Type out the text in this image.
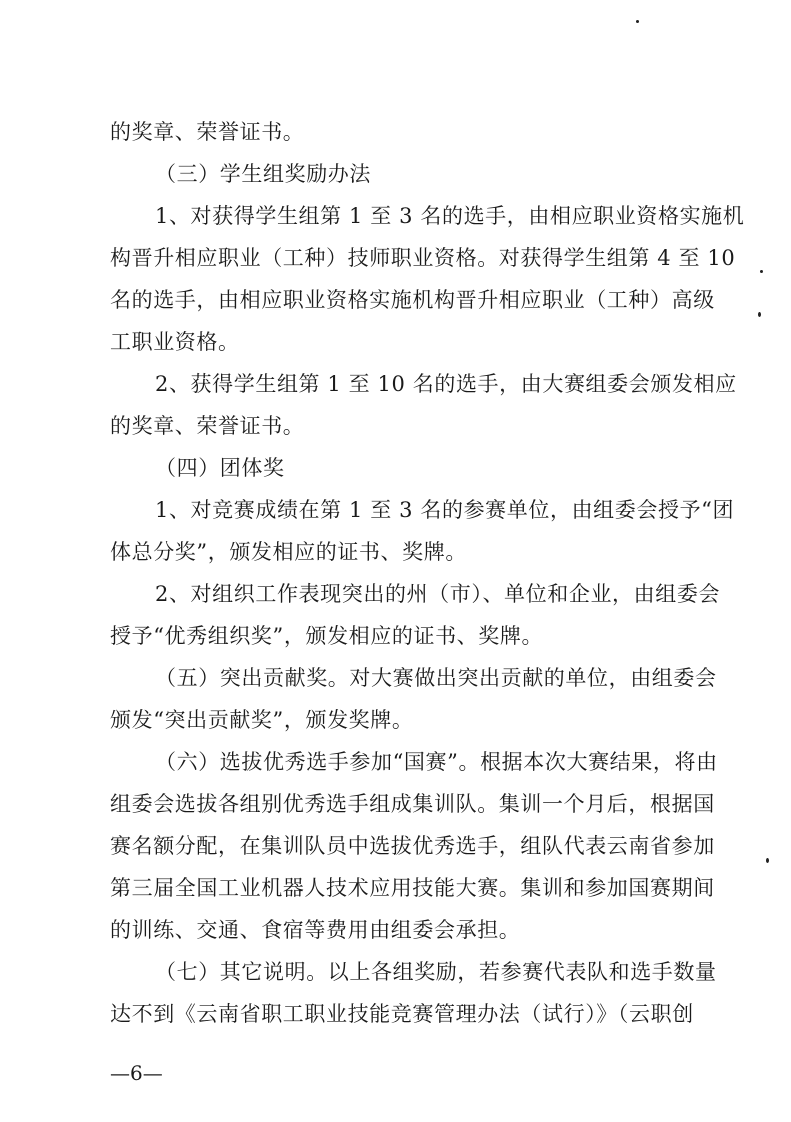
的奖章、荣誉证书。
（三）学生组奖励办法
1、对获得学生组第 1 至 3 名的选手，由相应职业资格实施机
构晋升相应职业（工种）技师职业资格。对获得学生组第 4 至 10
名的选手，由相应职业资格实施机构晋升相应职业（工种）高级
工职业资格。
2、获得学生组第 1 至 10 名的选手，由大赛组委会颁发相应
的奖章、荣誉证书。
（四）团体奖
1、对竞赛成绩在第 1 至 3 名的参赛单位，由组委会授予“团
体总分奖”，颁发相应的证书、奖牌。
2、对组织工作表现突出的州（市）、单位和企业，由组委会
授予“优秀组织奖”，颁发相应的证书、奖牌。
（五）突出贡献奖。对大赛做出突出贡献的单位，由组委会
颁发“突出贡献奖”，颁发奖牌。
（六）选拔优秀选手参加“国赛”。根据本次大赛结果，将由
组委会选拔各组别优秀选手组成集训队。集训一个月后，根据国
赛名额分配，在集训队员中选拔优秀选手，组队代表云南省参加
第三届全国工业机器人技术应用技能大赛。集训和参加国赛期间
的训练、交通、食宿等费用由组委会承担。
（七）其它说明。以上各组奖励，若参赛代表队和选手数量
达不到《云南省职工职业技能竞赛管理办法（试行）》（云职创
—6—
